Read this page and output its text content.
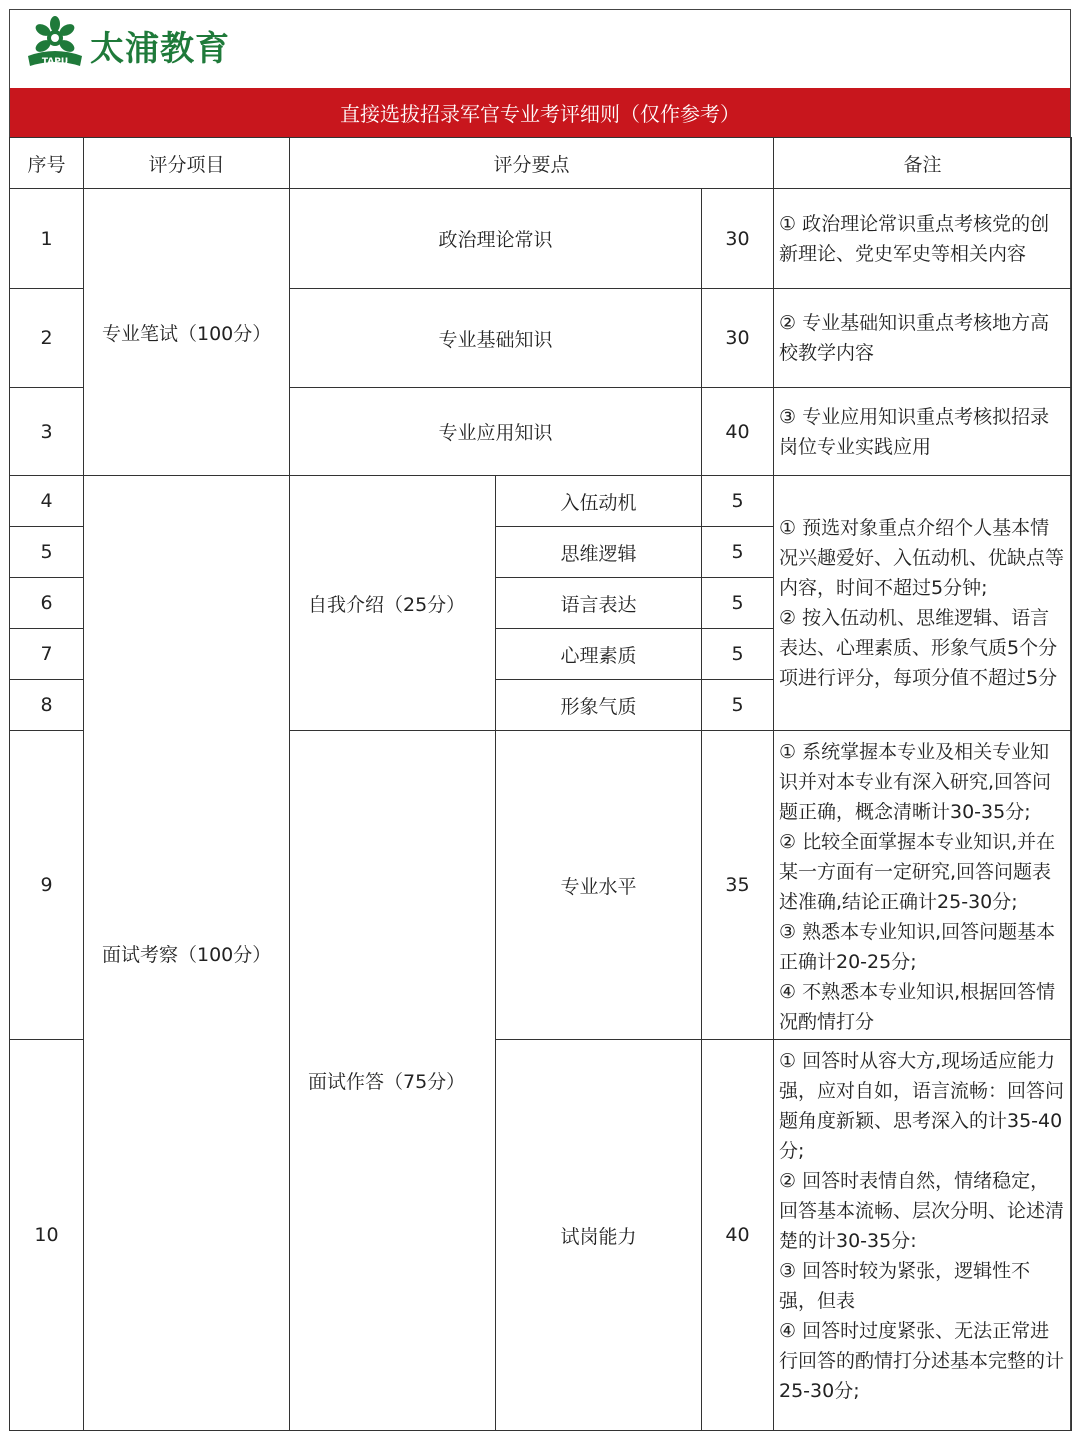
TAPU 太浦教育
直接选拔招录军官专业考评细则（仅作参考）
序号	评分项目	评分要点			备注
1	专业笔试（100分）	政治理论常识		30	① 政治理论常识重点考核党的创新理论、党史军史等相关内容
2		专业基础知识		30	② 专业基础知识重点考核地方高校教学内容
3		专业应用知识		40	③ 专业应用知识重点考核拟招录岗位专业实践应用
4	面试考察（100分）	自我介绍（25分）	入伍动机	5	① 预选对象重点介绍个人基本情况兴趣爱好、入伍动机、优缺点等内容，时间不超过5分钟;
② 按入伍动机、思维逻辑、语言表达、心理素质、形象气质5个分项进行评分，每项分值不超过5分
5			思维逻辑	5	
6			语言表达	5	
7			心理素质	5	
8			形象气质	5	
9		面试作答（75分）	专业水平	35	① 系统掌握本专业及相关专业知识并对本专业有深入研究,回答问题正确，概念清晰计30-35分;
② 比较全面掌握本专业知识,并在某一方面有一定研究,回答问题表述准确,结论正确计25-30分;
③ 熟悉本专业知识,回答问题基本正确计20-25分;
④ 不熟悉本专业知识,根据回答情况酌情打分
10			试岗能力	40	① 回答时从容大方,现场适应能力强，应对自如，语言流畅：回答问题角度新颖、思考深入的计35-40分;
② 回答时表情自然，情绪稳定，回答基本流畅、层次分明、论述清楚的计30-35分:
③ 回答时较为紧张，逻辑性不强，但表
④ 回答时过度紧张、无法正常进行回答的酌情打分述基本完整的计25-30分;
